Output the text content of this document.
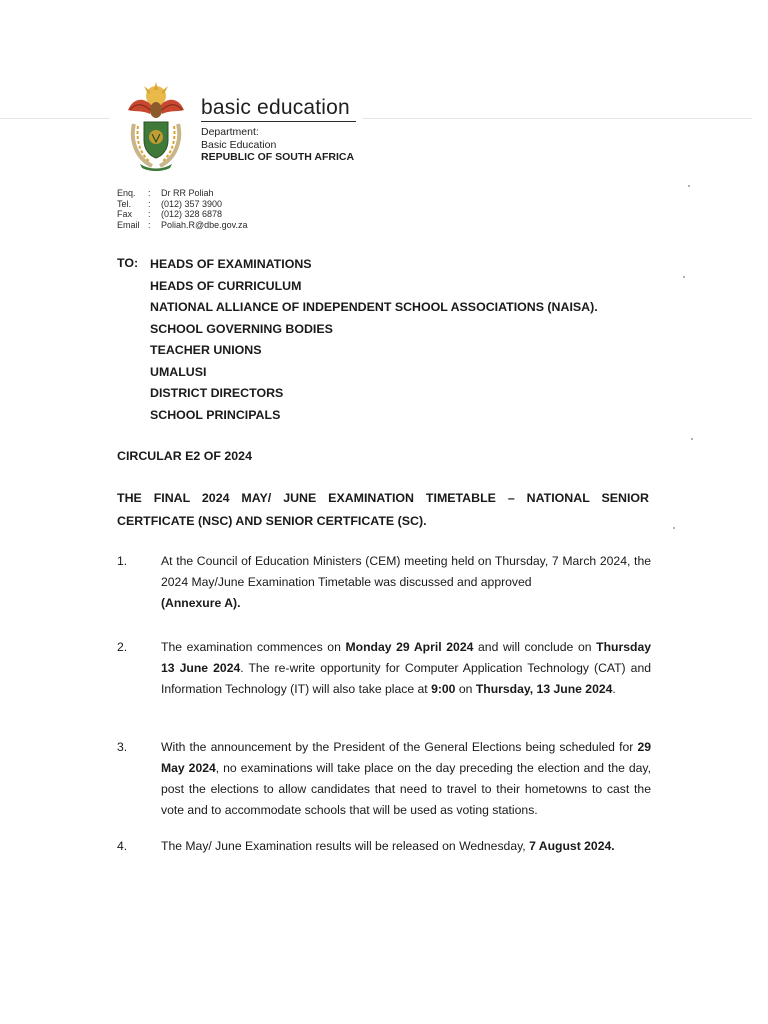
basic education
Department:
Basic Education
REPUBLIC OF SOUTH AFRICA
Enq.	:	Dr RR Poliah
Tel.	:	(012) 357 3900
Fax	:	(012) 328 6878
Email :	Poliah.R@dbe.gov.za
TO: HEADS OF EXAMINATIONS
HEADS OF CURRICULUM
NATIONAL ALLIANCE OF INDEPENDENT SCHOOL ASSOCIATIONS (NAISA).
SCHOOL GOVERNING BODIES
TEACHER UNIONS
UMALUSI
DISTRICT DIRECTORS
SCHOOL PRINCIPALS
CIRCULAR E2 OF 2024
THE FINAL 2024 MAY/ JUNE EXAMINATION TIMETABLE – NATIONAL SENIOR CERTFICATE (NSC) AND SENIOR CERTFICATE (SC).
1.	At the Council of Education Ministers (CEM) meeting held on Thursday, 7 March 2024, the 2024 May/June Examination Timetable was discussed and approved
(Annexure A).
2.	The examination commences on Monday 29 April 2024 and will conclude on Thursday 13 June 2024. The re-write opportunity for Computer Application Technology (CAT) and Information Technology (IT) will also take place at 9:00 on Thursday, 13 June 2024.
3.	With the announcement by the President of the General Elections being scheduled for 29 May 2024, no examinations will take place on the day preceding the election and the day, post the elections to allow candidates that need to travel to their hometowns to cast the vote and to accommodate schools that will be used as voting stations.
4.	The May/ June Examination results will be released on Wednesday, 7 August 2024.
